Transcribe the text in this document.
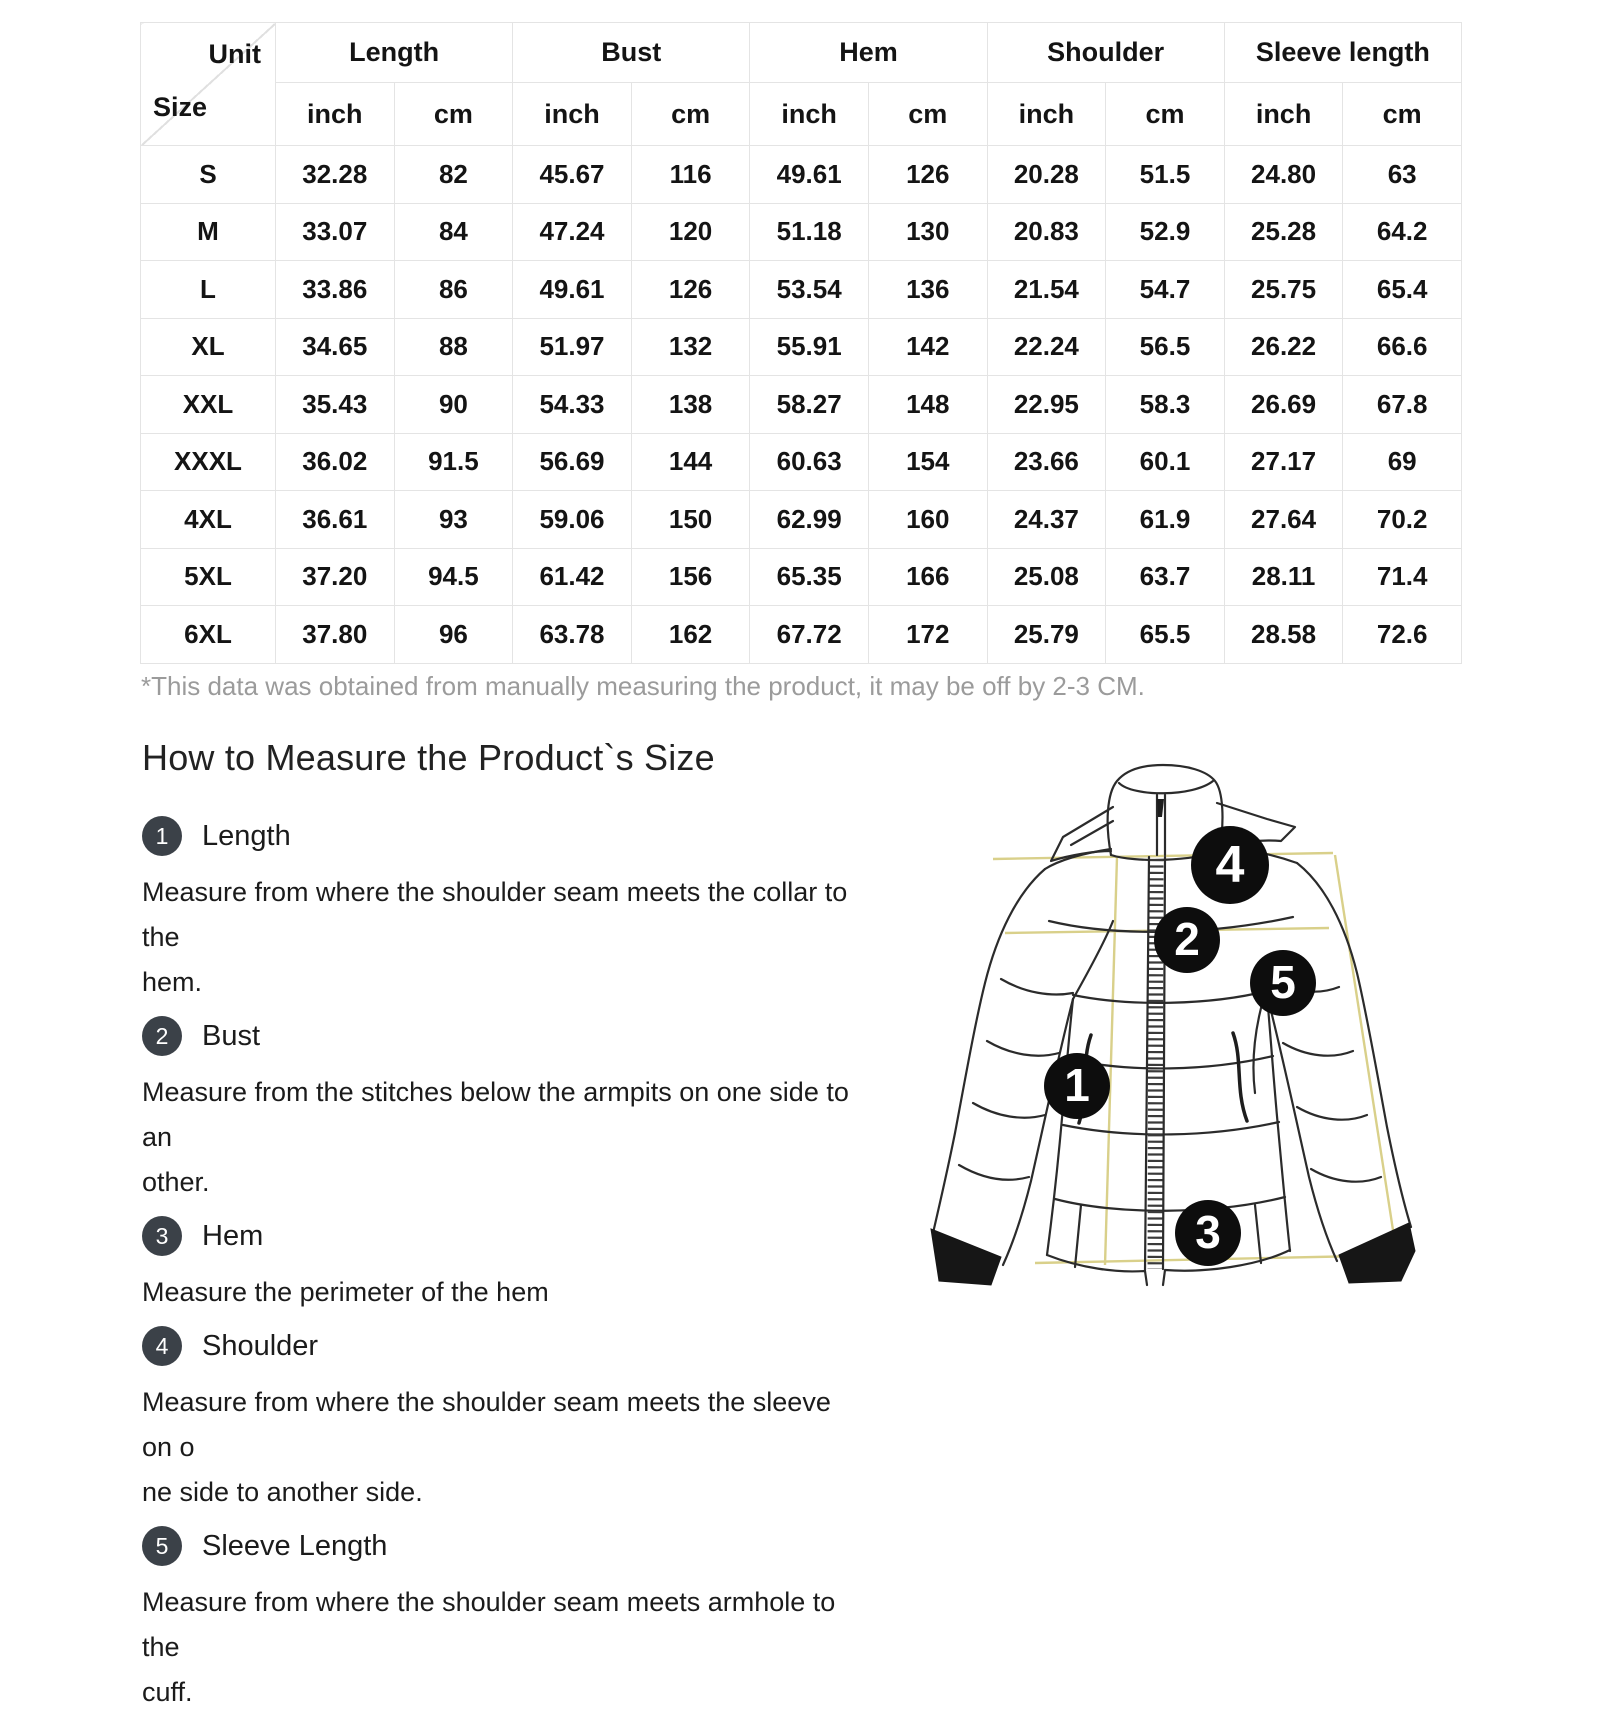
Unit
Size	Length		Bust		Hem		Shoulder		Sleeve length	
	inch	cm	inch	cm	inch	cm	inch	cm	inch	cm
S	32.28	82	45.67	116	49.61	126	20.28	51.5	24.80	63
M	33.07	84	47.24	120	51.18	130	20.83	52.9	25.28	64.2
L	33.86	86	49.61	126	53.54	136	21.54	54.7	25.75	65.4
XL	34.65	88	51.97	132	55.91	142	22.24	56.5	26.22	66.6
XXL	35.43	90	54.33	138	58.27	148	22.95	58.3	26.69	67.8
XXXL	36.02	91.5	56.69	144	60.63	154	23.66	60.1	27.17	69
4XL	36.61	93	59.06	150	62.99	160	24.37	61.9	27.64	70.2
5XL	37.20	94.5	61.42	156	65.35	166	25.08	63.7	28.11	71.4
6XL	37.80	96	63.78	162	67.72	172	25.79	65.5	28.58	72.6

*This data was obtained from manually measuring the product, it may be off by 2-3 CM.

How to Measure the Product`s Size
1	Length
Measure from where the shoulder seam meets the collar to the
hem.
2	Bust
Measure from the stitches below the armpits on one side to an
other.
3	Hem
Measure the perimeter of the hem
4	Shoulder
Measure from where the shoulder seam meets the sleeve on o
ne side to another side.
5	Sleeve Length
Measure from where the shoulder seam meets armhole to the
cuff.
4
2
5
1
3
